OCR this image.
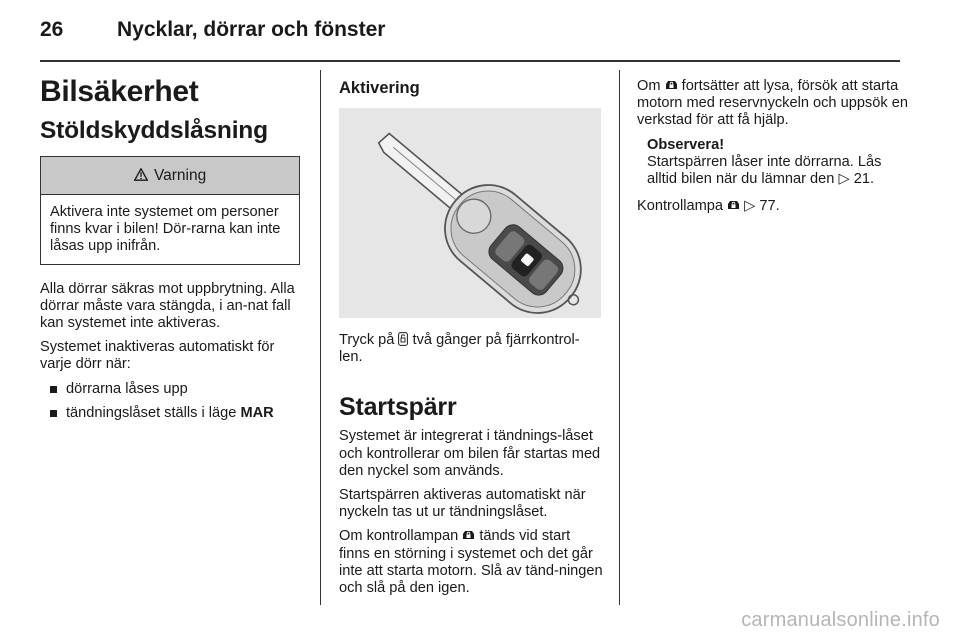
26	Nycklar, dörrar och fönster
Bilsäkerhet
Stöldskyddslåsning
Varning
Aktivera inte systemet om personer finns kvar i bilen! Dör-rarna kan inte låsas upp inifrån.

Alla dörrar säkras mot uppbrytning. Alla dörrar måste vara stängda, i an-nat fall kan systemet inte aktiveras.

Systemet inaktiveras automatiskt för varje dörr när:

dörrarna låses upp
tändningslåset ställs i läge MAR
Aktivering

Tryck på två gånger på fjärrkontrol-len.

Startspärr

Systemet är integrerat i tändnings-låset och kontrollerar om bilen får startas med den nyckel som används.

Startspärren aktiveras automatiskt när nyckeln tas ut ur tändningslåset.

Om kontrollampan tänds vid start finns en störning i systemet och det går inte att starta motorn. Slå av tänd-ningen och slå på den igen.

Om fortsätter att lysa, försök att starta motorn med reservnyckeln och uppsök en verkstad för att få hjälp.

Observera!

Startspärren låser inte dörrarna. Lås alltid bilen när du lämnar den ▷ 21.

Kontrollampa ▷ 77.

carmanualsonline.info
